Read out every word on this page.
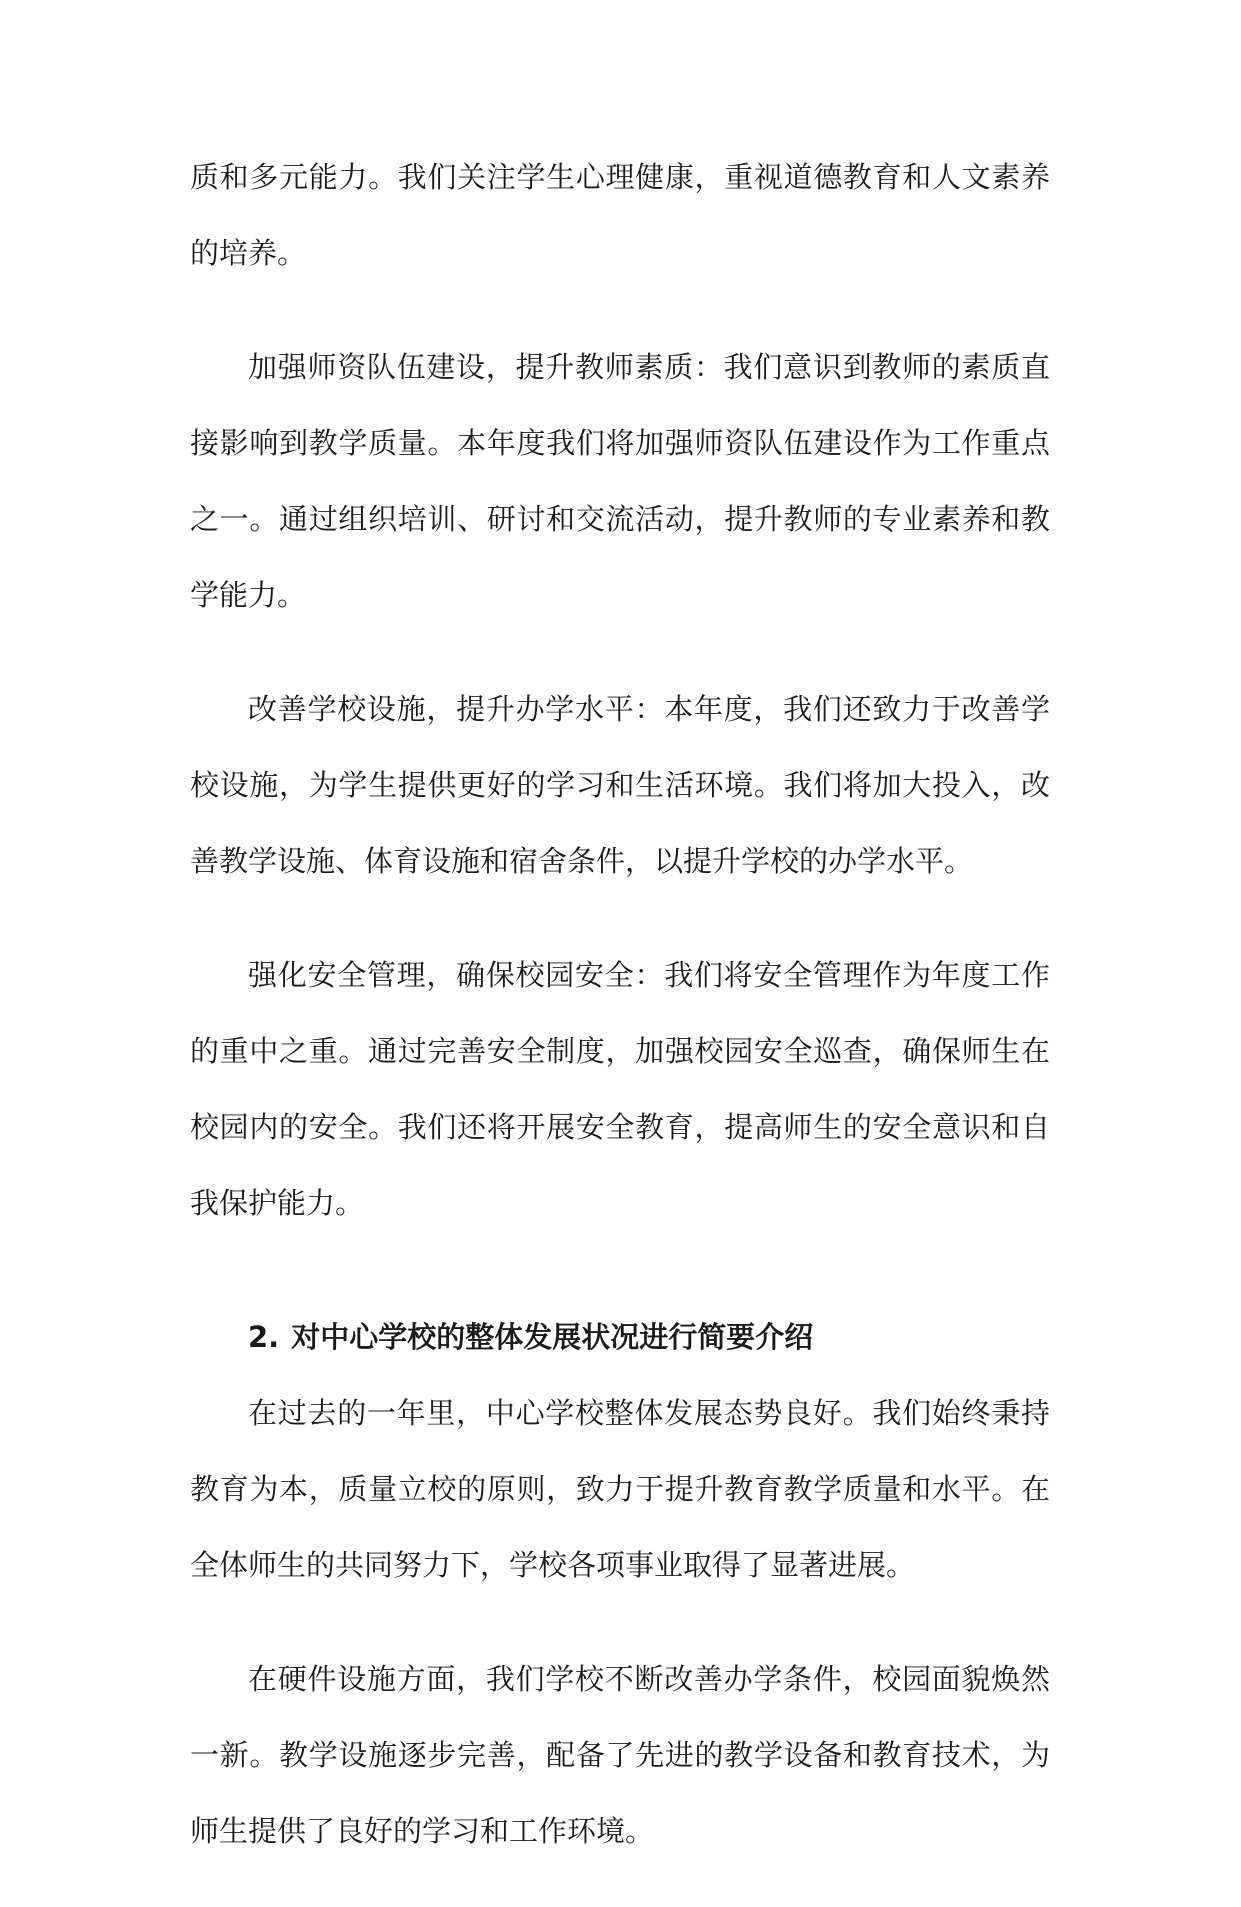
质和多元能力。我们关注学生心理健康，重视道德教育和人文素养的培养。

加强师资队伍建设，提升教师素质：我们意识到教师的素质直接影响到教学质量。本年度我们将加强师资队伍建设作为工作重点之一。通过组织培训、研讨和交流活动，提升教师的专业素养和教学能力。

改善学校设施，提升办学水平：本年度，我们还致力于改善学校设施，为学生提供更好的学习和生活环境。我们将加大投入，改善教学设施、体育设施和宿舍条件，以提升学校的办学水平。

强化安全管理，确保校园安全：我们将安全管理作为年度工作的重中之重。通过完善安全制度，加强校园安全巡查，确保师生在校园内的安全。我们还将开展安全教育，提高师生的安全意识和自我保护能力。

2. 对中心学校的整体发展状况进行简要介绍

在过去的一年里，中心学校整体发展态势良好。我们始终秉持教育为本，质量立校的原则，致力于提升教育教学质量和水平。在全体师生的共同努力下，学校各项事业取得了显著进展。

在硬件设施方面，我们学校不断改善办学条件，校园面貌焕然一新。教学设施逐步完善，配备了先进的教学设备和教育技术，为师生提供了良好的学习和工作环境。
